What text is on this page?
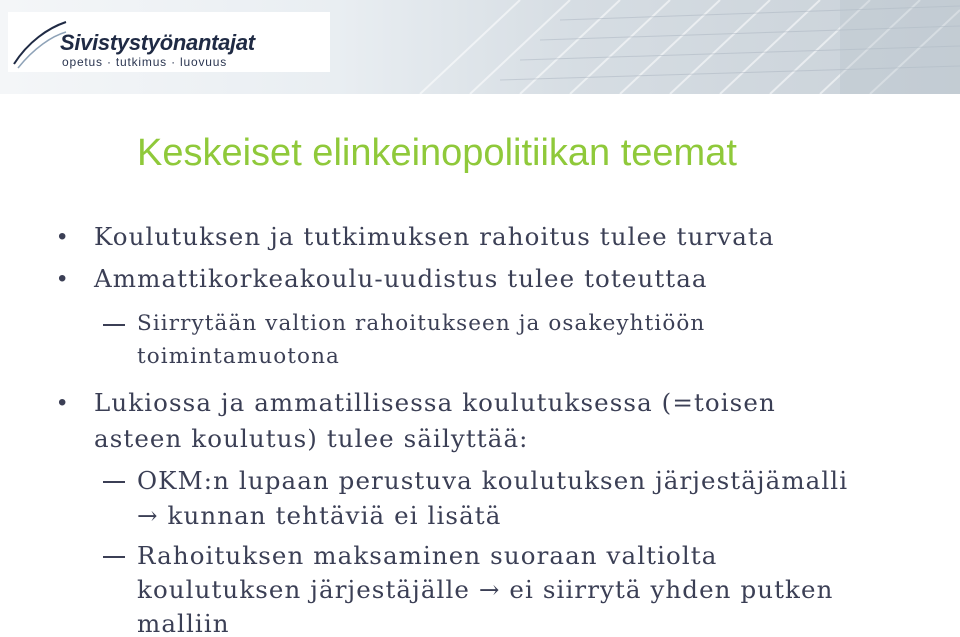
Sivistystyönantajat
opetus · tutkimus · luovuus
Keskeiset elinkeinopolitiikan teemat
• Koulutuksen ja tutkimuksen rahoitus tulee turvata
• Ammattikorkeakoulu-uudistus tulee toteuttaa
Siirrytään valtion rahoitukseen ja osakeyhtiöön
toimintamuotona
• Lukiossa ja ammatillisessa koulutuksessa (=toisen
asteen koulutus) tulee säilyttää:
OKM:n lupaan perustuva koulutuksen järjestäjämalli
→ kunnan tehtäviä ei lisätä
Rahoituksen maksaminen suoraan valtiolta
koulutuksen järjestäjälle → ei siirrytä yhden putken
malliin
